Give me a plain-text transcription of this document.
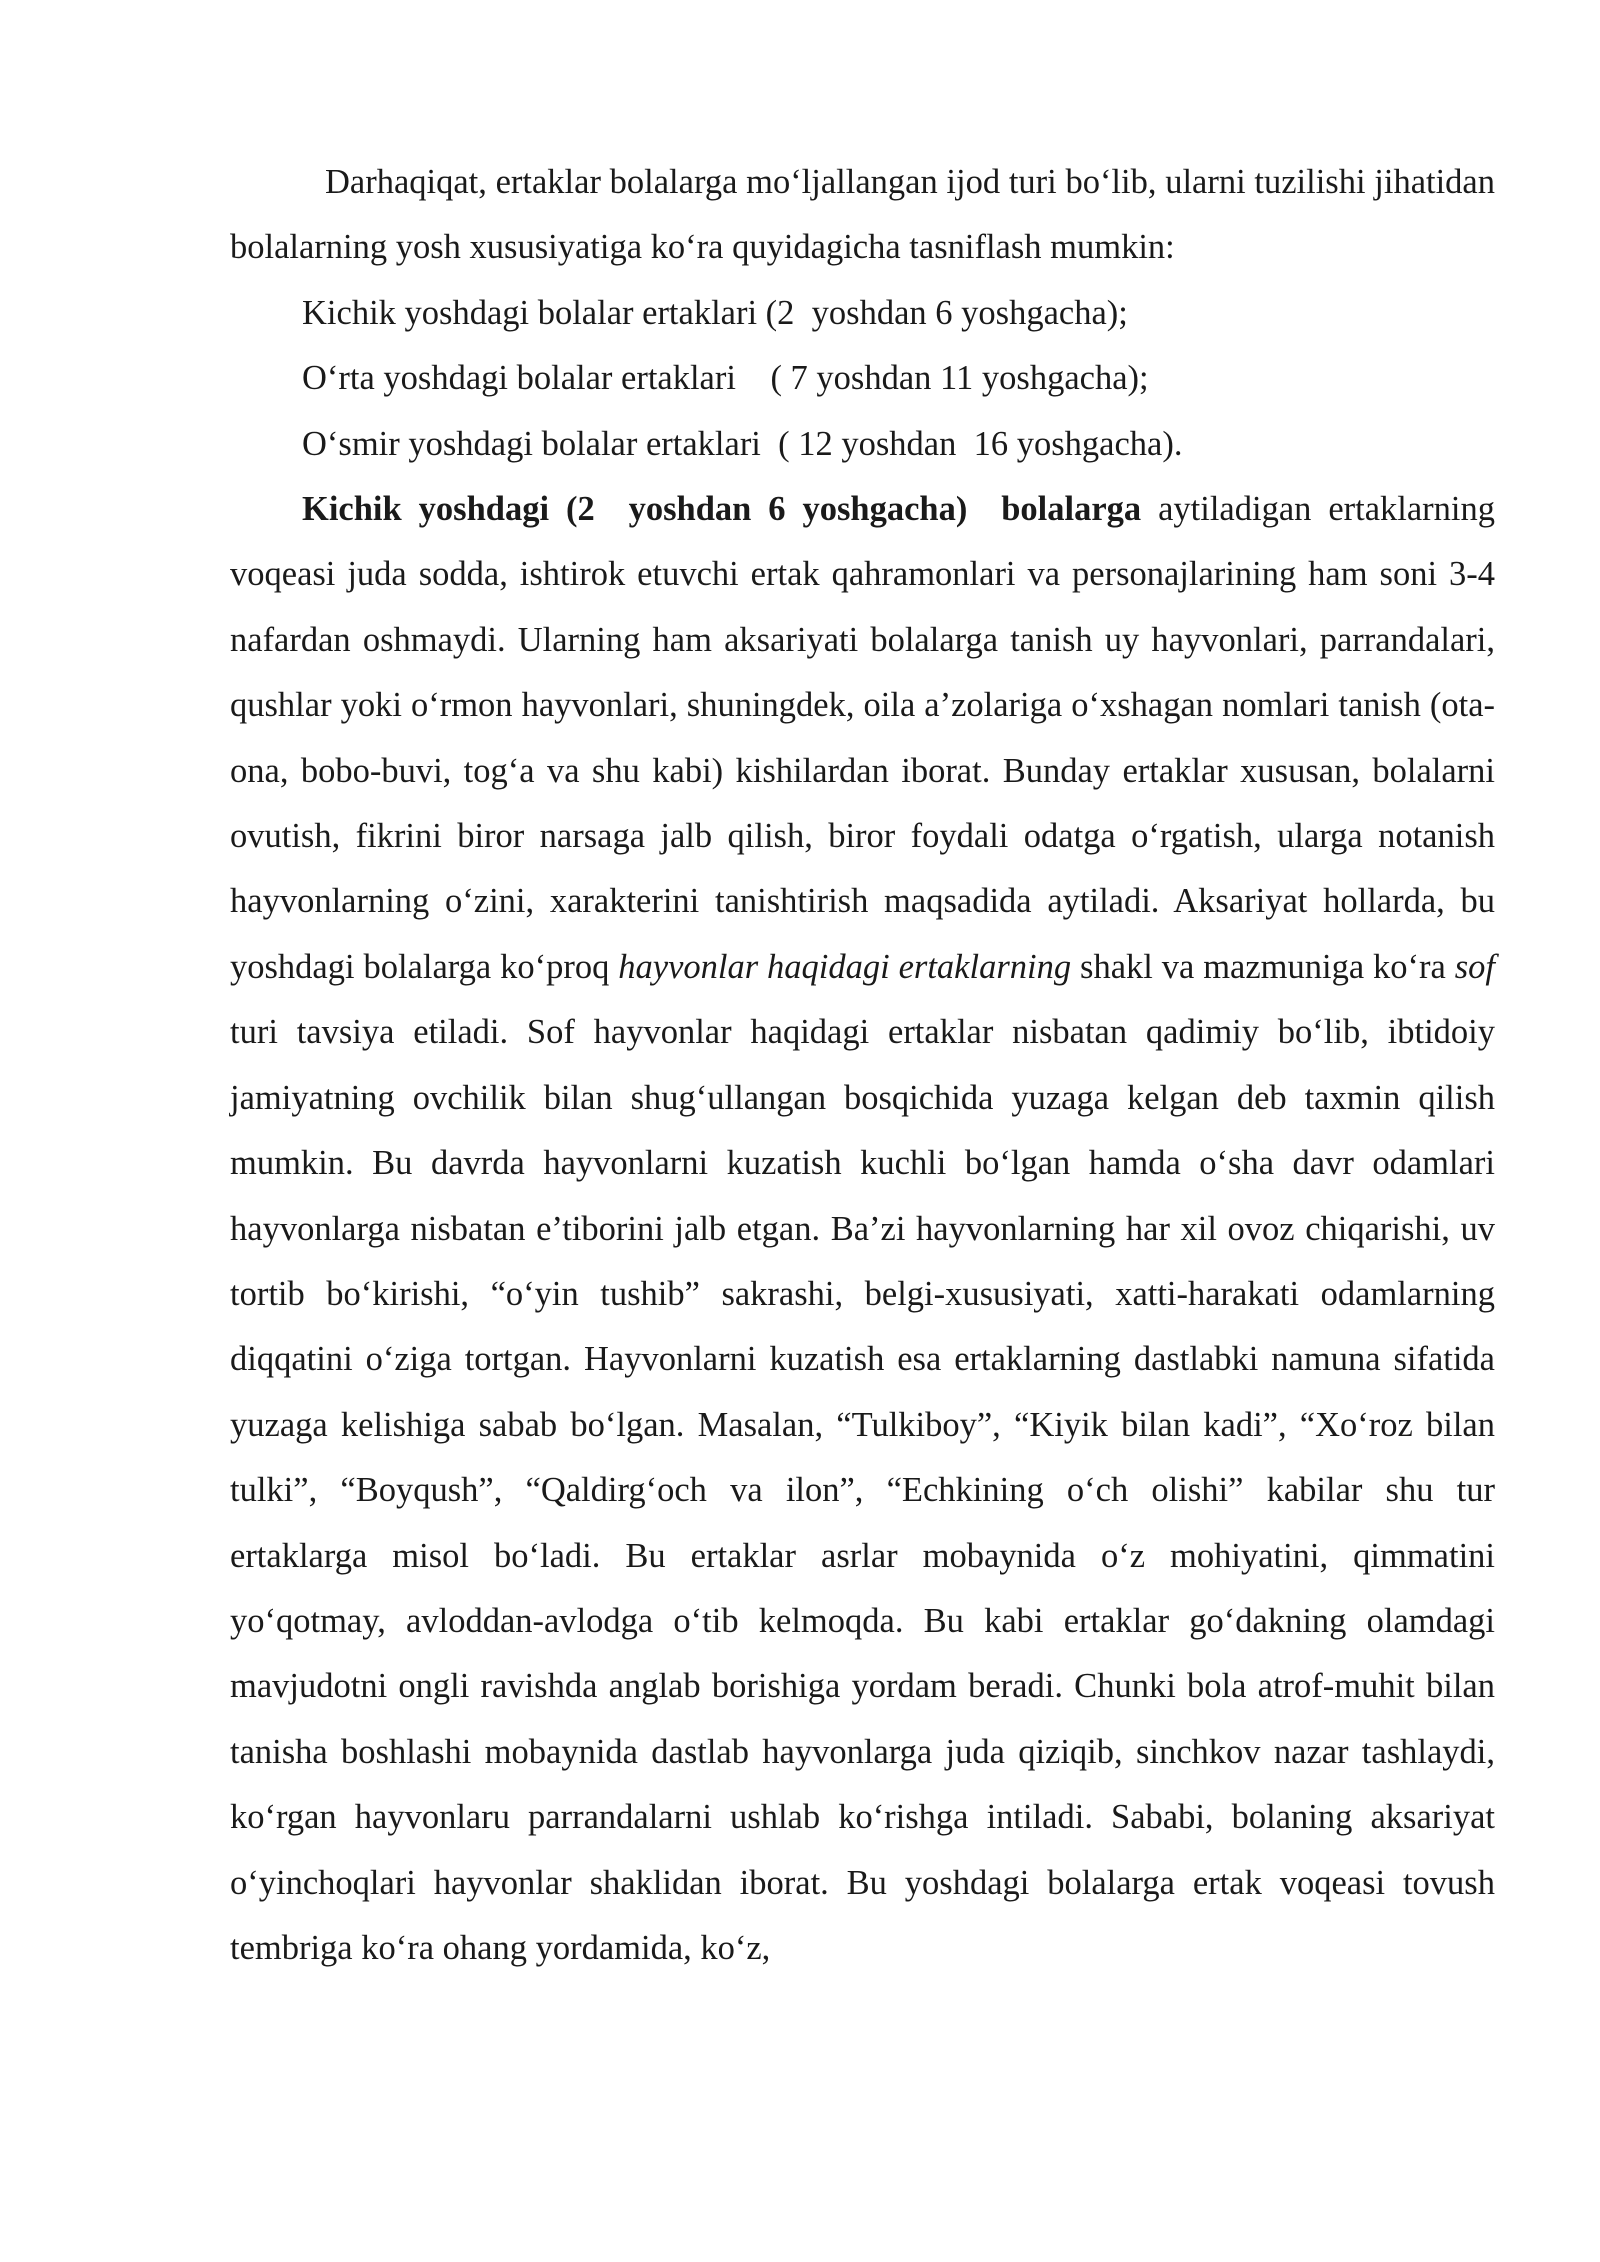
Darhaqiqat, ertaklar bolalarga mo‘ljallangan ijod turi bo‘lib, ularni tuzilishi jihatidan bolalarning yosh xususiyatiga ko‘ra quyidagicha tasniflash mumkin:

Kichik yoshdagi bolalar ertaklari (2  yoshdan 6 yoshgacha);

O‘rta yoshdagi bolalar ertaklari    ( 7 yoshdan 11 yoshgacha);

O‘smir yoshdagi bolalar ertaklari  ( 12 yoshdan  16 yoshgacha).

Kichik yoshdagi (2  yoshdan 6 yoshgacha)  bolalarga aytiladigan ertaklarning voqeasi juda sodda, ishtirok etuvchi ertak qahramonlari va personajlarining ham soni 3-4 nafardan oshmaydi. Ularning ham aksariyati bolalarga tanish uy hayvonlari, parrandalari, qushlar yoki o‘rmon hayvonlari, shuningdek, oila a’zolariga o‘xshagan nomlari tanish (ota-ona, bobo-buvi, tog‘a va shu kabi) kishilardan iborat. Bunday ertaklar xususan, bolalarni ovutish, fikrini biror narsaga jalb qilish, biror foydali odatga o‘rgatish, ularga notanish hayvonlarning o‘zini, xarakterini tanishtirish maqsadida aytiladi. Aksariyat hollarda, bu yoshdagi bolalarga ko‘proq hayvonlar haqidagi ertaklarning shakl va mazmuniga ko‘ra sof turi tavsiya etiladi. Sof hayvonlar haqidagi ertaklar nisbatan qadimiy bo‘lib, ibtidoiy jamiyatning ovchilik bilan shug‘ullangan bosqichida yuzaga kelgan deb taxmin qilish mumkin. Bu davrda hayvonlarni kuzatish kuchli bo‘lgan hamda o‘sha davr odamlari hayvonlarga nisbatan e’tiborini jalb etgan. Ba’zi hayvonlarning har xil ovoz chiqarishi, uv tortib bo‘kirishi, “o‘yin tushib” sakrashi, belgi-xususiyati, xatti-harakati odamlarning diqqatini o‘ziga tortgan. Hayvonlarni kuzatish esa ertaklarning dastlabki namuna sifatida yuzaga kelishiga sabab bo‘lgan. Masalan, “Tulkiboy”, “Kiyik bilan kadi”, “Xo‘roz bilan tulki”, “Boyqush”, “Qaldirg‘och va ilon”, “Echkining o‘ch olishi” kabilar shu tur ertaklarga misol bo‘ladi. Bu ertaklar asrlar mobaynida o‘z mohiyatini, qimmatini yo‘qotmay, avloddan-avlodga o‘tib kelmoqda. Bu kabi ertaklar go‘dakning olamdagi mavjudotni ongli ravishda anglab borishiga yordam beradi. Chunki bola atrof-muhit bilan tanisha boshlashi mobaynida dastlab hayvonlarga juda qiziqib, sinchkov nazar tashlaydi, ko‘rgan hayvonlaru parrandalarni ushlab ko‘rishga intiladi. Sababi, bolaning aksariyat o‘yinchoqlari hayvonlar shaklidan iborat. Bu yoshdagi bolalarga ertak voqeasi tovush tembriga ko‘ra ohang yordamida, ko‘z,
